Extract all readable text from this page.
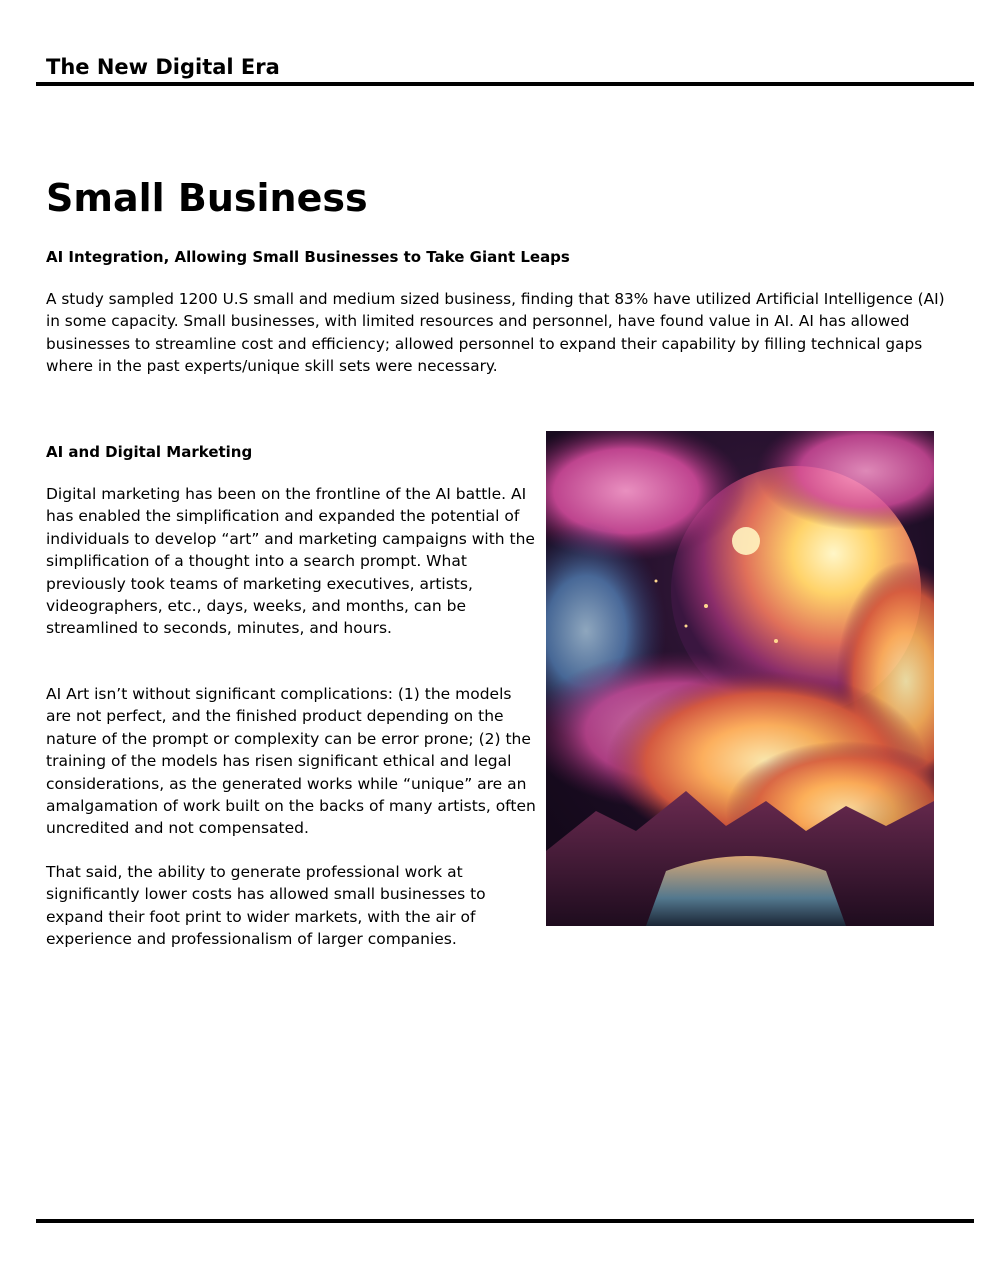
The New Digital Era
Small Business
AI Integration, Allowing Small Businesses to Take Giant Leaps

A study sampled 1200 U.S small and medium sized business, finding that 83% have utilized Artificial Intelligence (AI) in some capacity. Small businesses, with limited resources and personnel, have found value in AI. AI has allowed businesses to streamline cost and efficiency; allowed personnel to expand their capability by filling technical gaps where in the past experts/unique skill sets were necessary.

AI and Digital Marketing

Digital marketing has been on the frontline of the AI battle. AI has enabled the simplification and expanded the potential of individuals to develop “art” and marketing campaigns with the simplification of a thought into a search prompt. What previously took teams of marketing executives, artists, videographers, etc., days, weeks, and months, can be streamlined to seconds, minutes, and hours.

AI Art isn’t without significant complications: (1) the models are not perfect, and the finished product depending on the nature of the prompt or complexity can be error prone; (2) the training of the models has risen significant ethical and legal considerations, as the generated works while “unique” are an amalgamation of work built on the backs of many artists, often uncredited and not compensated.

That said, the ability to generate professional work at significantly lower costs has allowed small businesses to expand their foot print to wider markets, with the air of experience and professionalism of larger companies.
